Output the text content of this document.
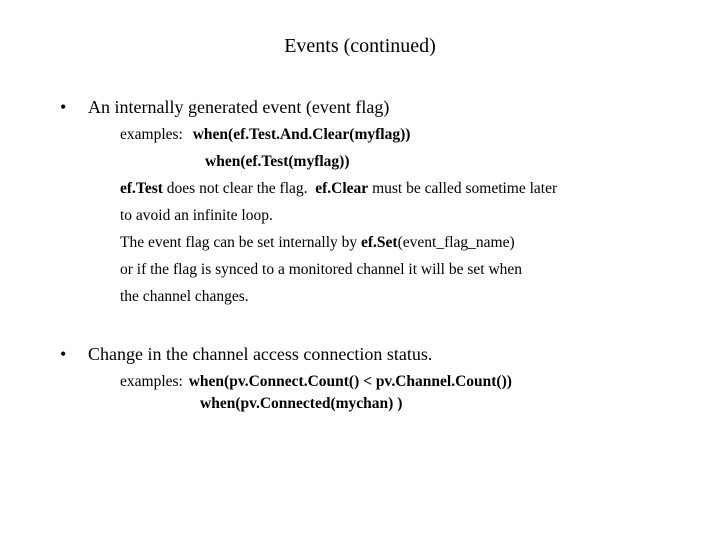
Events (continued)
• An internally generated event (event flag)
examples: when(ef.Test.And.Clear(myflag))
when(ef.Test(myflag))
ef.Test does not clear the flag.  ef.Clear must be called sometime later
to avoid an infinite loop.
The event flag can be set internally by ef.Set(event_flag_name)
or if the flag is synced to a monitored channel it will be set when
the channel changes.
• Change in the channel access connection status.
examples: when(pv.Connect.Count() < pv.Channel.Count())
when(pv.Connected(mychan) )
